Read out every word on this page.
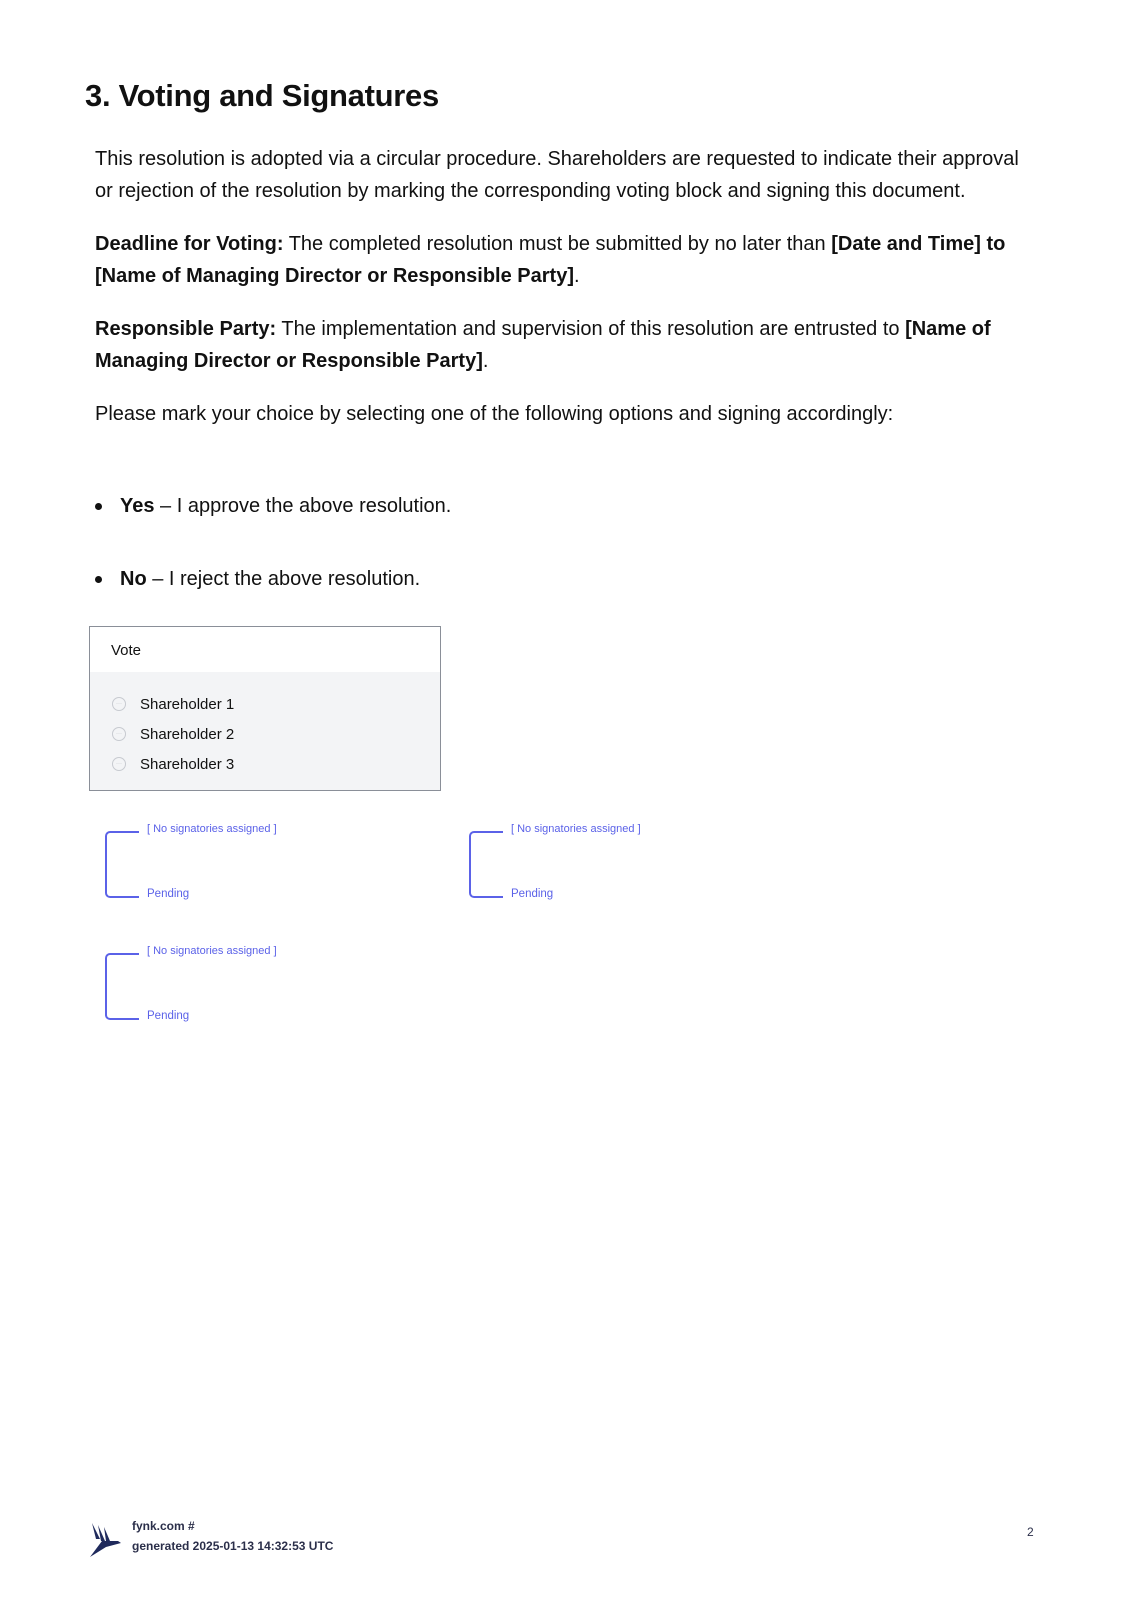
3. Voting and Signatures

This resolution is adopted via a circular procedure. Shareholders are requested to indicate their approval or rejection of the resolution by marking the corresponding voting block and signing this document.

Deadline for Voting: The completed resolution must be submitted by no later than [Date and Time] to [Name of Managing Director or Responsible Party].

Responsible Party: The implementation and supervision of this resolution are entrusted to [Name of Managing Director or Responsible Party].

Please mark your choice by selecting one of the following options and signing accordingly:

Yes – I approve the above resolution.
No – I reject the above resolution.
Vote
··· Shareholder 1
··· Shareholder 2
··· Shareholder 3
[ No signatories assigned ]
Pending
[ No signatories assigned ]
Pending
[ No signatories assigned ]
Pending
fynk.com #
generated 2025-01-13 14:32:53 UTC
2
